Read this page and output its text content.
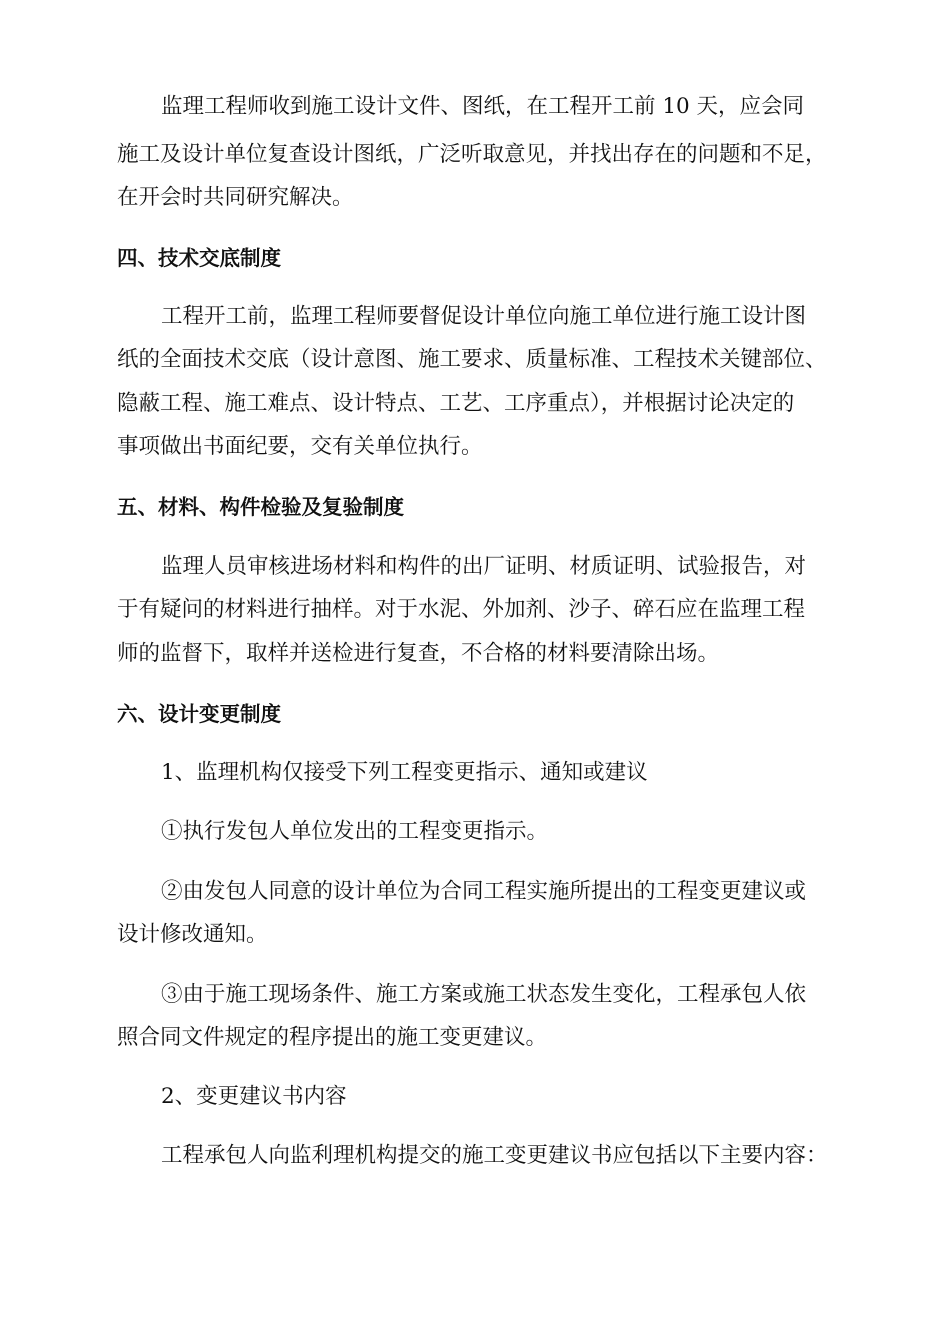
监理工程师收到施工设计文件、图纸，在工程开工前 10 天，应会同
施工及设计单位复查设计图纸，广泛听取意见，并找出存在的问题和不足，
在开会时共同研究解决。
四、技术交底制度
工程开工前，监理工程师要督促设计单位向施工单位进行施工设计图
纸的全面技术交底（设计意图、施工要求、质量标准、工程技术关键部位、
隐蔽工程、施工难点、设计特点、工艺、工序重点），并根据讨论决定的
事项做出书面纪要，交有关单位执行。
五、材料、构件检验及复验制度
监理人员审核进场材料和构件的出厂证明、材质证明、试验报告，对
于有疑问的材料进行抽样。对于水泥、外加剂、沙子、碎石应在监理工程
师的监督下，取样并送检进行复查，不合格的材料要清除出场。
六、设计变更制度
1、监理机构仅接受下列工程变更指示、通知或建议
①执行发包人单位发出的工程变更指示。
②由发包人同意的设计单位为合同工程实施所提出的工程变更建议或
设计修改通知。
③由于施工现场条件、施工方案或施工状态发生变化，工程承包人依
照合同文件规定的程序提出的施工变更建议。
2、变更建议书内容
工程承包人向监利理机构提交的施工变更建议书应包括以下主要内容：
